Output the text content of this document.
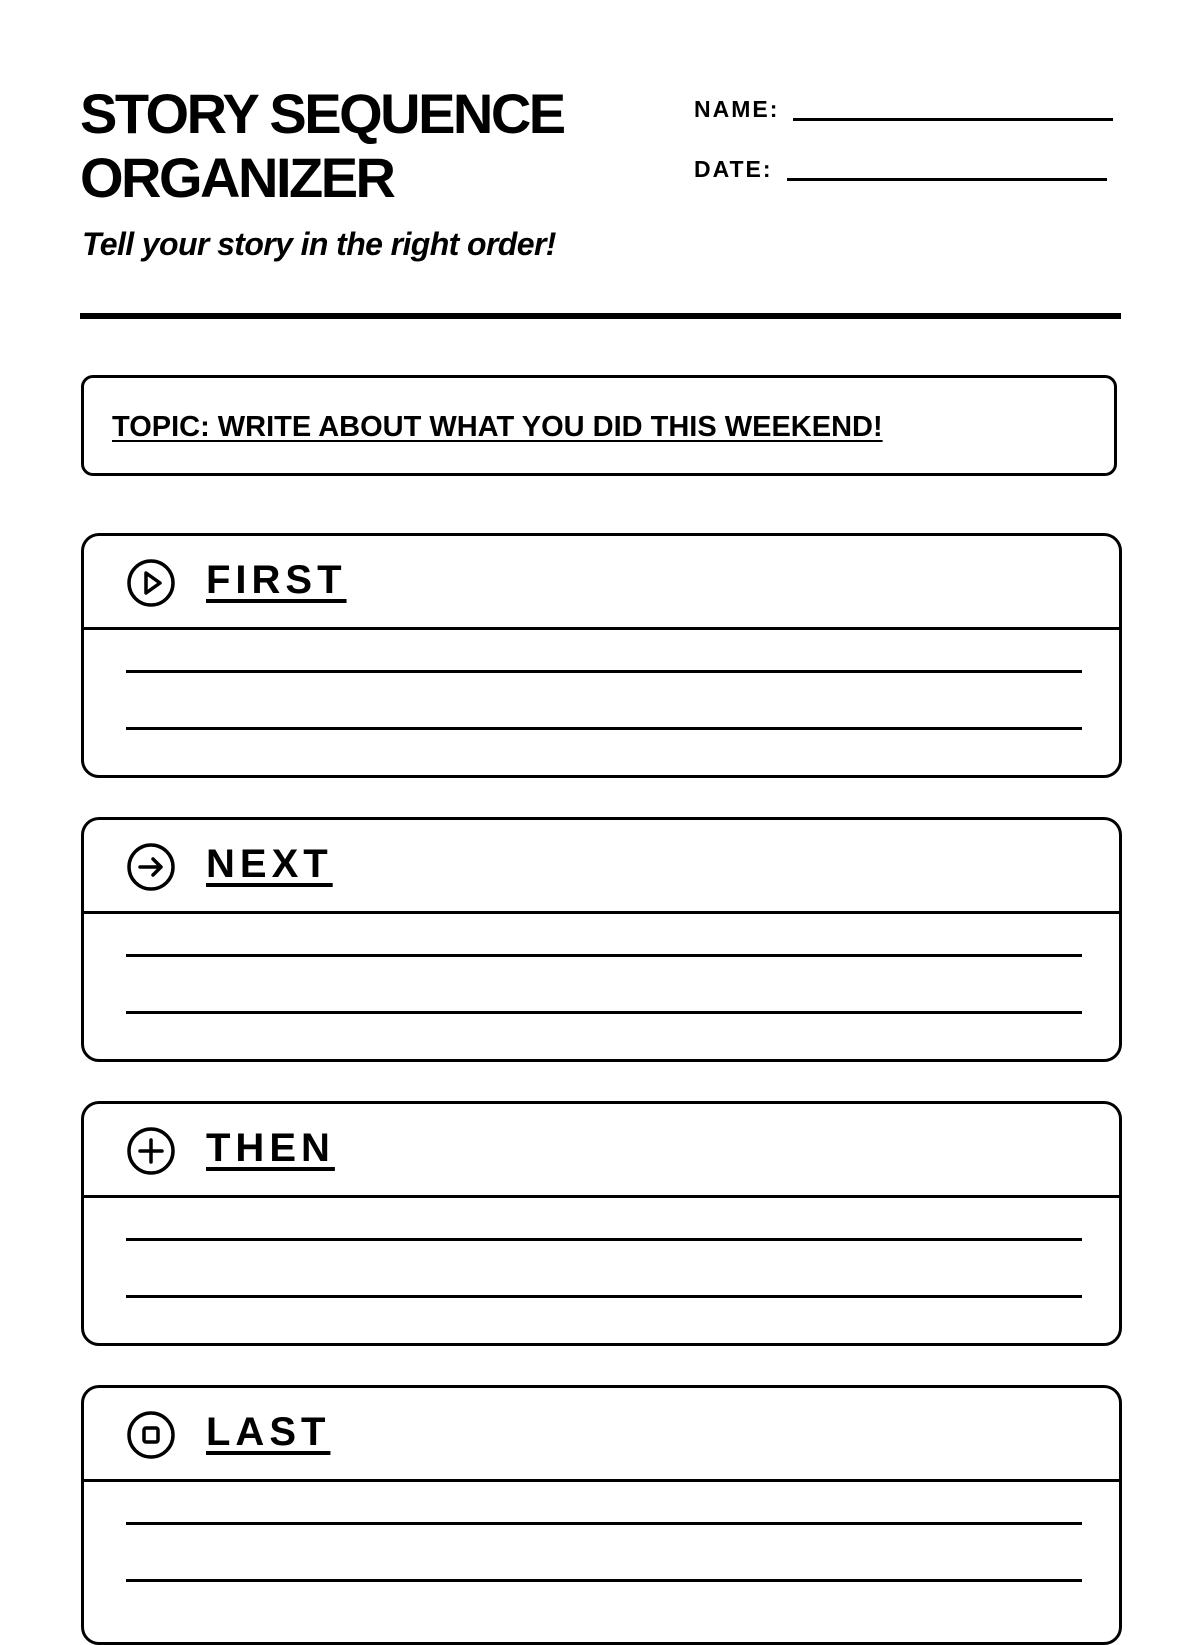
STORY SEQUENCE
ORGANIZER

Tell your story in the right order!

NAME:
DATE:
TOPIC: WRITE ABOUT WHAT YOU DID THIS WEEKEND!
FIRST
NEXT
THEN
LAST
